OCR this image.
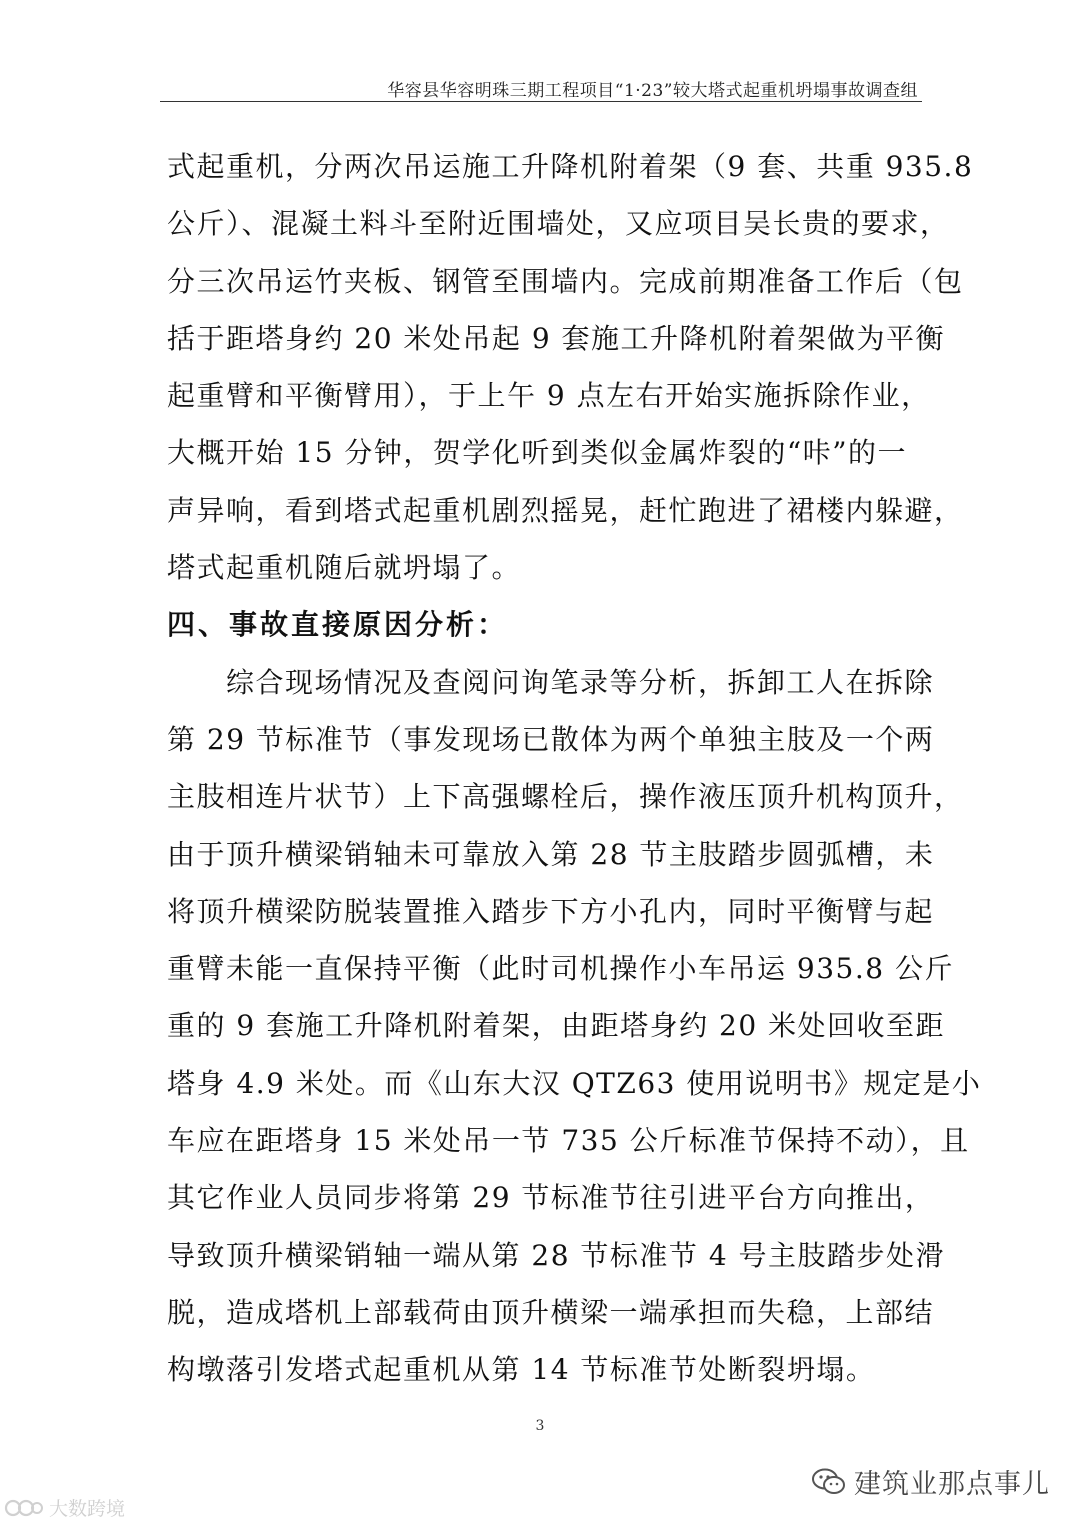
华容县华容明珠三期工程项目“1·23”较大塔式起重机坍塌事故调查组
式起重机，分两次吊运施工升降机附着架（9 套、共重 935.8
公斤）、混凝土料斗至附近围墙处，又应项目吴长贵的要求，
分三次吊运竹夹板、钢管至围墙内。完成前期准备工作后（包
括于距塔身约 20 米处吊起 9 套施工升降机附着架做为平衡
起重臂和平衡臂用），于上午 9 点左右开始实施拆除作业，
大概开始 15 分钟，贺学化听到类似金属炸裂的“咔”的一
声异响，看到塔式起重机剧烈摇晃，赶忙跑进了裙楼内躲避，
塔式起重机随后就坍塌了。
四、事故直接原因分析：
　　综合现场情况及查阅问询笔录等分析，拆卸工人在拆除
第 29 节标准节（事发现场已散体为两个单独主肢及一个两
主肢相连片状节）上下高强螺栓后，操作液压顶升机构顶升，
由于顶升横梁销轴未可靠放入第 28 节主肢踏步圆弧槽，未
将顶升横梁防脱装置推入踏步下方小孔内，同时平衡臂与起
重臂未能一直保持平衡（此时司机操作小车吊运 935.8 公斤
重的 9 套施工升降机附着架，由距塔身约 20 米处回收至距
塔身 4.9 米处。而《山东大汉 QTZ63 使用说明书》规定是小
车应在距塔身 15 米处吊一节 735 公斤标准节保持不动），且
其它作业人员同步将第 29 节标准节往引进平台方向推出，
导致顶升横梁销轴一端从第 28 节标准节 4 号主肢踏步处滑
脱，造成塔机上部载荷由顶升横梁一端承担而失稳，上部结
构墩落引发塔式起重机从第 14 节标准节处断裂坍塌。
3
建筑业那点事儿
大数跨境
